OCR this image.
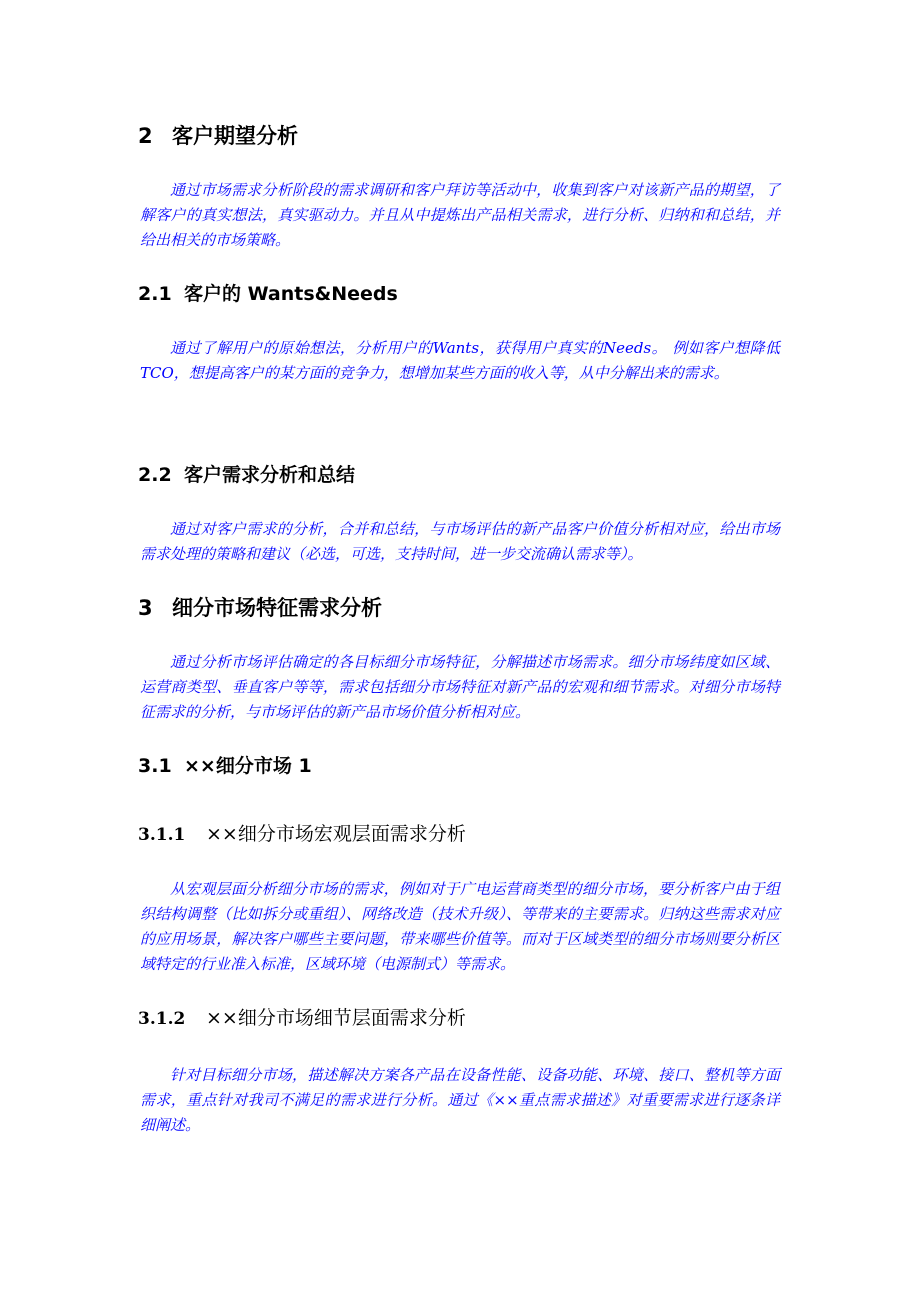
2 客户期望分析

通过市场需求分析阶段的需求调研和客户拜访等活动中，收集到客户对该新产品的期望，了解客户的真实想法，真实驱动力。并且从中提炼出产品相关需求，进行分析、归纳和和总结，并给出相关的市场策略。

2.1 客户的 Wants&Needs

通过了解用户的原始想法，分析用户的Wants，获得用户真实的Needs。 例如客户想降低TCO，想提高客户的某方面的竞争力，想增加某些方面的收入等，从中分解出来的需求。

2.2 客户需求分析和总结

通过对客户需求的分析，合并和总结，与市场评估的新产品客户价值分析相对应，给出市场需求处理的策略和建议（必选，可选，支持时间，进一步交流确认需求等）。

3 细分市场特征需求分析

通过分析市场评估确定的各目标细分市场特征，分解描述市场需求。细分市场纬度如区域、运营商类型、垂直客户等等，需求包括细分市场特征对新产品的宏观和细节需求。对细分市场特征需求的分析，与市场评估的新产品市场价值分析相对应。

3.1 ××细分市场 1
3.1.1 ××细分市场宏观层面需求分析

从宏观层面分析细分市场的需求，例如对于广电运营商类型的细分市场，要分析客户由于组织结构调整（比如拆分或重组）、网络改造（技术升级）、等带来的主要需求。归纳这些需求对应的应用场景，解决客户哪些主要问题，带来哪些价值等。而对于区域类型的细分市场则要分析区域特定的行业准入标准，区域环境（电源制式）等需求。

3.1.2 ××细分市场细节层面需求分析

针对目标细分市场，描述解决方案各产品在设备性能、设备功能、环境、接口、整机等方面需求，重点针对我司不满足的需求进行分析。通过《××重点需求描述》对重要需求进行逐条详细阐述。
